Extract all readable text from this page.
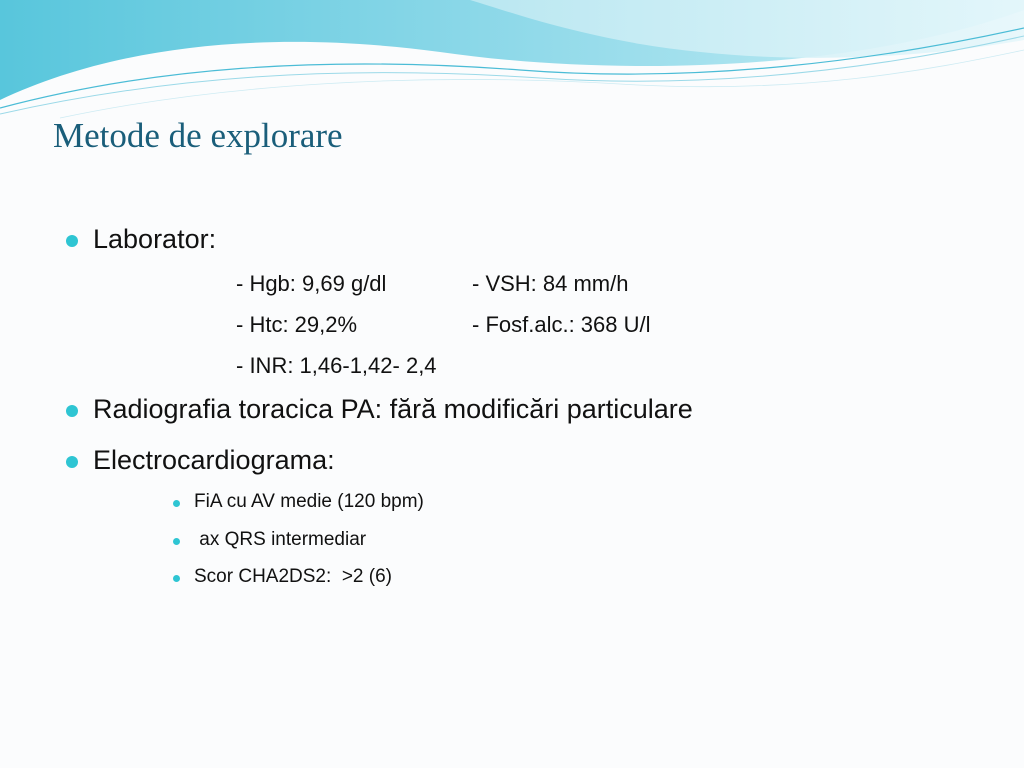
Metode de explorare
Laborator:
- Hgb: 9,69 g/dl	- VSH: 84 mm/h
- Htc: 29,2%	- Fosf.alc.: 368 U/l
- INR: 1,46-1,42- 2,4
Radiografia toracica PA: fără modificări particulare
Electrocardiograma:
FiA cu AV medie (120 bpm)
ax QRS intermediar
Scor CHA2DS2:  >2 (6)
